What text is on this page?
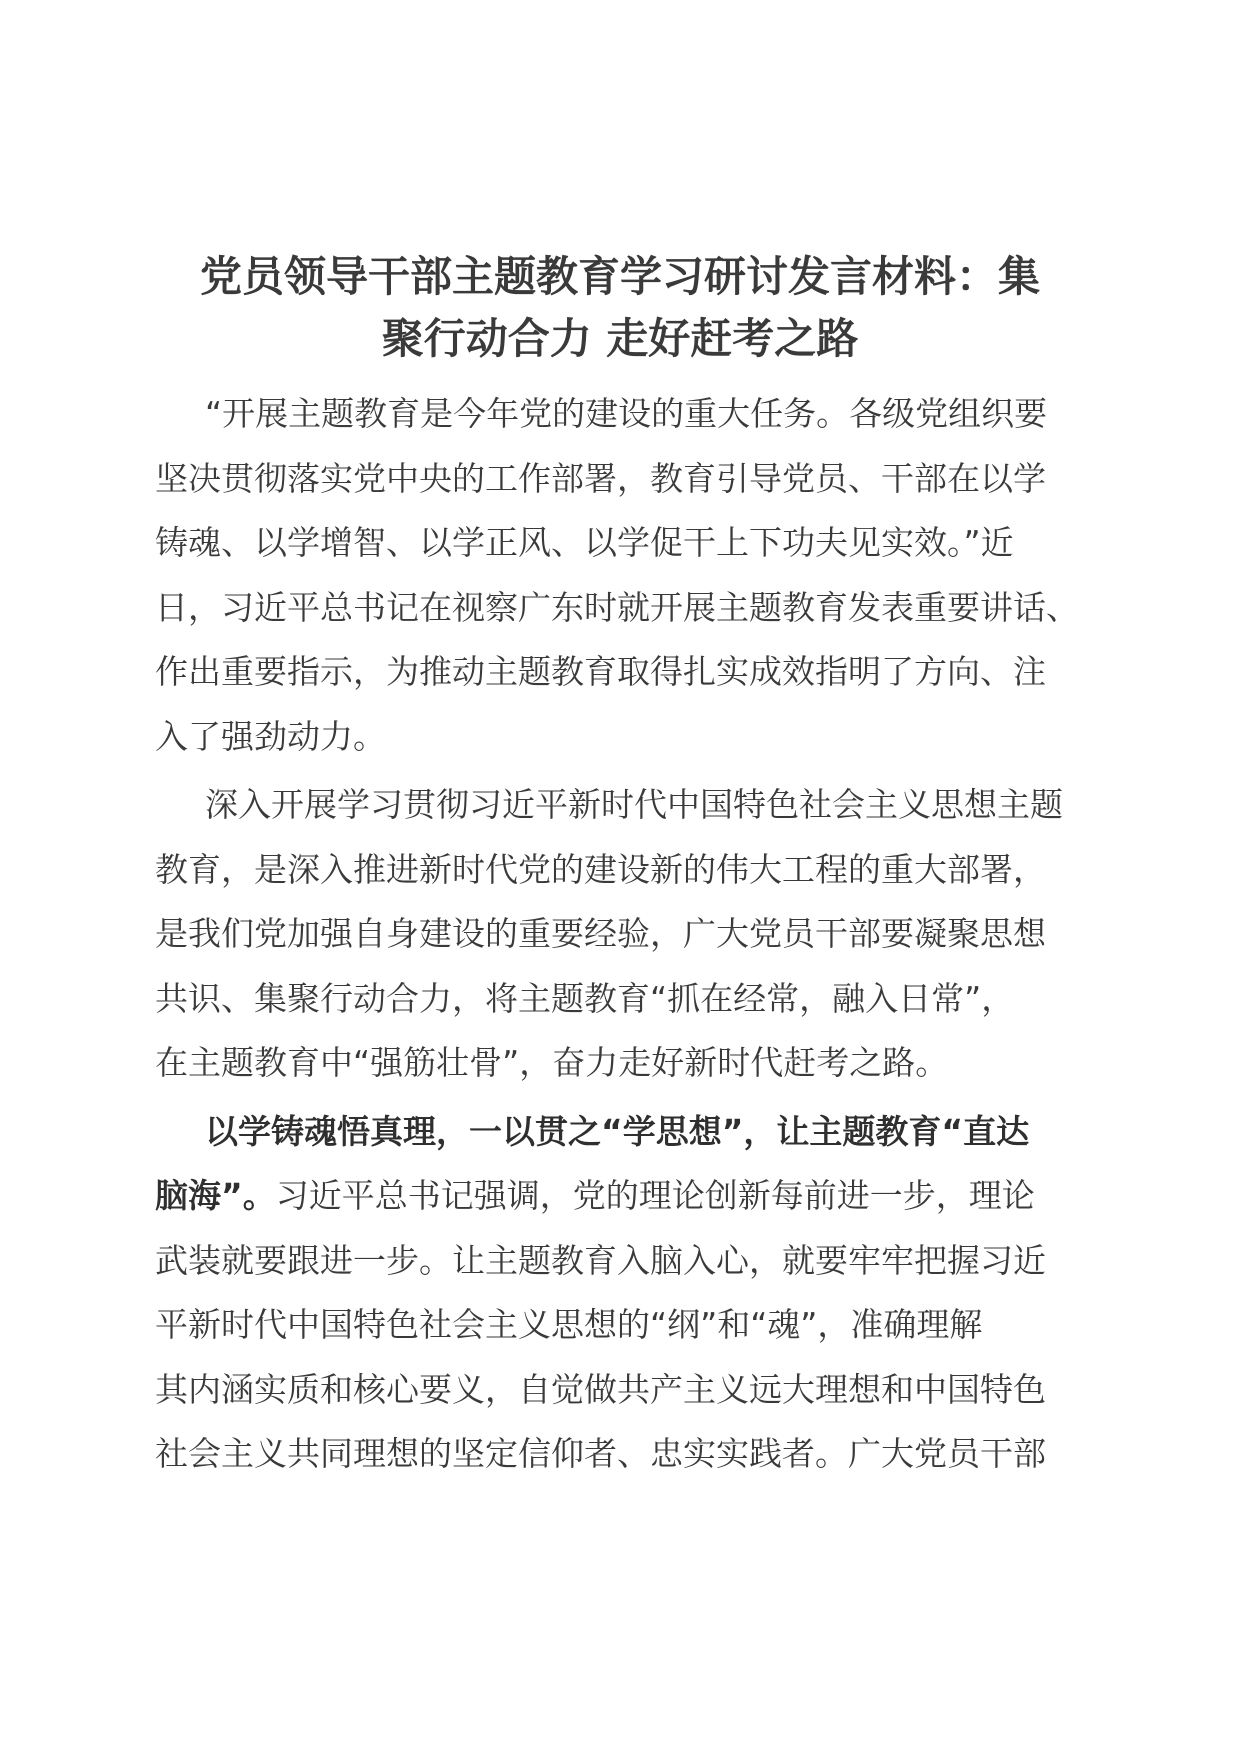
党员领导干部主题教育学习研讨发言材料：集
聚行动合力 走好赶考之路

“开展主题教育是今年党的建设的重大任务。各级党组织要
坚决贯彻落实党中央的工作部署，教育引导党员、干部在以学
铸魂、以学增智、以学正风、以学促干上下功夫见实效。”近
日，习近平总书记在视察广东时就开展主题教育发表重要讲话、
作出重要指示，为推动主题教育取得扎实成效指明了方向、注
入了强劲动力。

深入开展学习贯彻习近平新时代中国特色社会主义思想主题
教育，是深入推进新时代党的建设新的伟大工程的重大部署，
是我们党加强自身建设的重要经验，广大党员干部要凝聚思想
共识、集聚行动合力，将主题教育“抓在经常，融入日常”，
在主题教育中“强筋壮骨”，奋力走好新时代赶考之路。

以学铸魂悟真理，一以贯之“学思想”，让主题教育“直达
脑海”。习近平总书记强调，党的理论创新每前进一步，理论
武装就要跟进一步。让主题教育入脑入心，就要牢牢把握习近
平新时代中国特色社会主义思想的“纲”和“魂”，准确理解
其内涵实质和核心要义，自觉做共产主义远大理想和中国特色
社会主义共同理想的坚定信仰者、忠实实践者。广大党员干部
